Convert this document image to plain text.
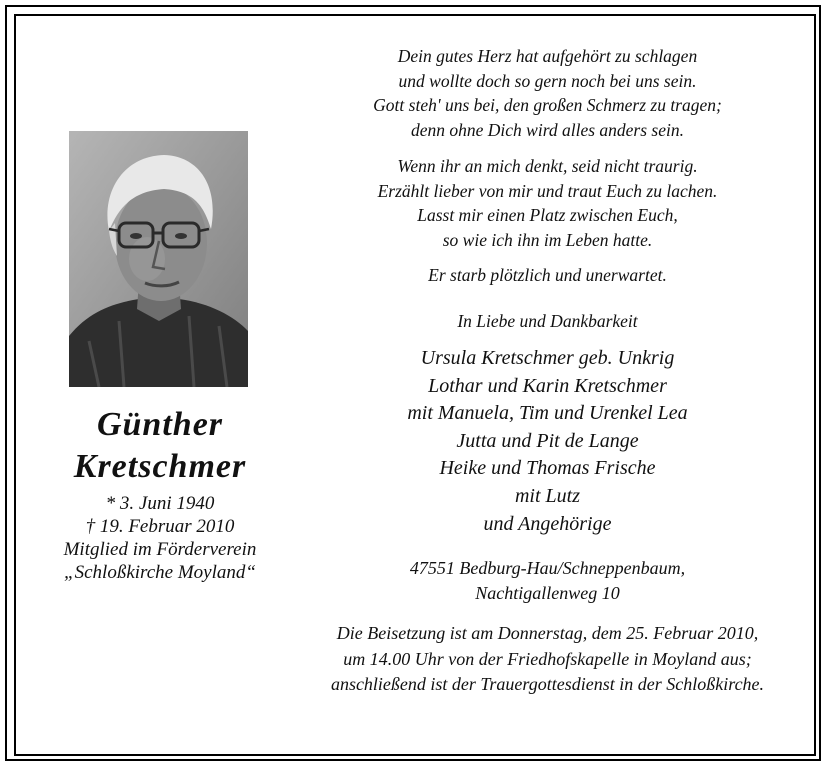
Günther
Kretschmer
* 3. Juni 1940
† 19. Februar 2010
Mitglied im Förderverein
„Schloßkirche Moyland“

Dein gutes Herz hat aufgehört zu schlagen

und wollte doch so gern noch bei uns sein.

Gott steh' uns bei, den großen Schmerz zu tragen;

denn ohne Dich wird alles anders sein.

Wenn ihr an mich denkt, seid nicht traurig.

Erzählt lieber von mir und traut Euch zu lachen.

Lasst mir einen Platz zwischen Euch,

so wie ich ihn im Leben hatte.

Er starb plötzlich und unerwartet.

In Liebe und Dankbarkeit

Ursula Kretschmer geb. Unkrig

Lothar und Karin Kretschmer

mit Manuela, Tim und Urenkel Lea

Jutta und Pit de Lange

Heike und Thomas Frische

mit Lutz

und Angehörige

47551 Bedburg-Hau/Schneppenbaum,

Nachtigallenweg 10

Die Beisetzung ist am Donnerstag, dem 25. Februar 2010,

um 14.00 Uhr von der Friedhofskapelle in Moyland aus;

anschließend ist der Trauergottesdienst in der Schloßkirche.
